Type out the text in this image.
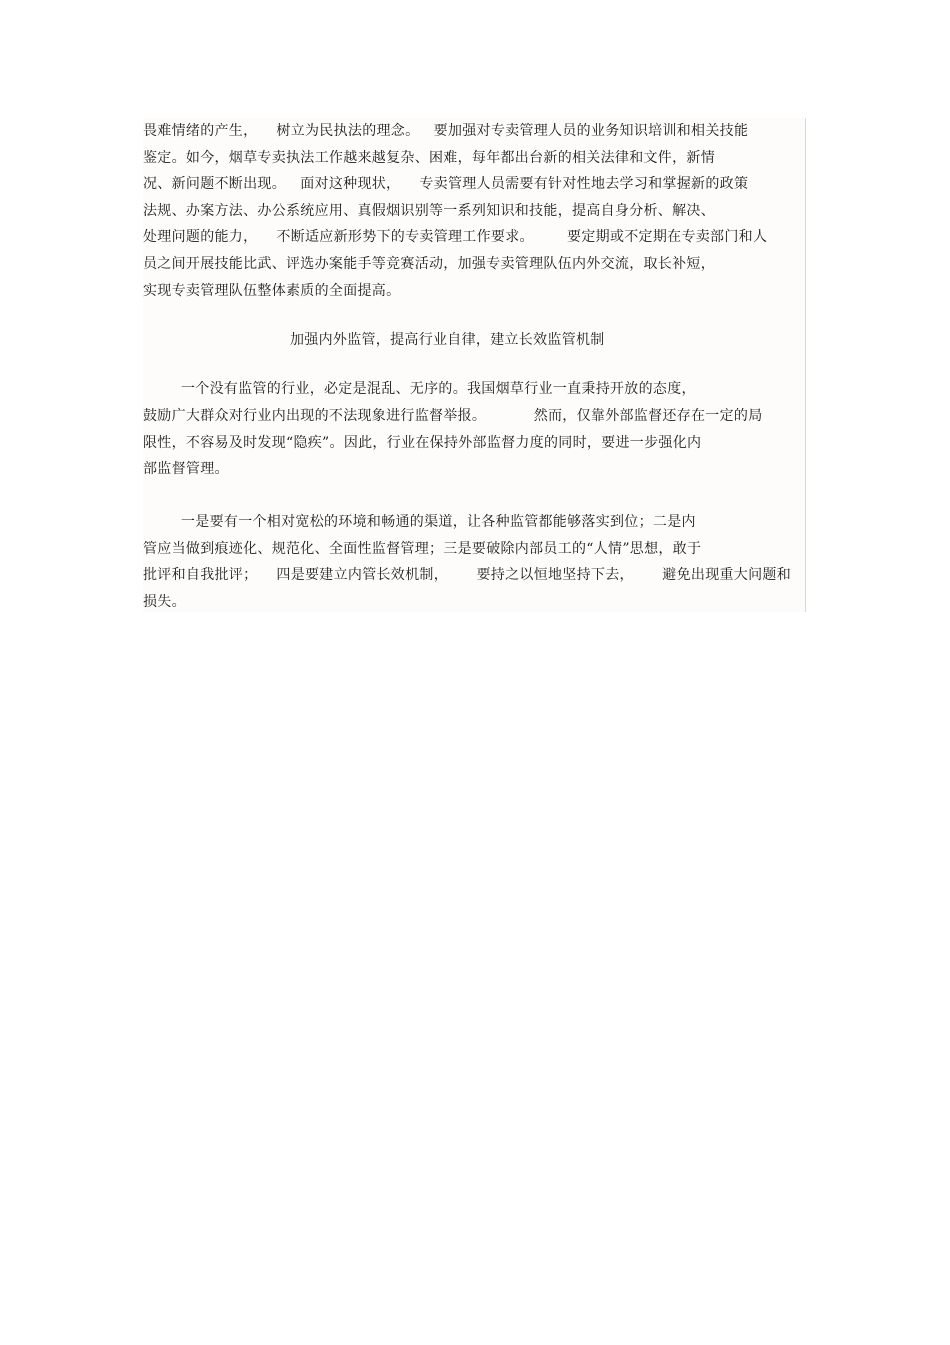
畏难情绪的产生，    树立为民执法的理念。   要加强对专卖管理人员的业务知识培训和相关技能
鉴定。如今，烟草专卖执法工作越来越复杂、困难，每年都出台新的相关法律和文件，新情
况、新问题不断出现。   面对这种现状，    专卖管理人员需要有针对性地去学习和掌握新的政策
法规、办案方法、办公系统应用、真假烟识别等一系列知识和技能，提高自身分析、解决、
处理问题的能力，    不断适应新形势下的专卖管理工作要求。       要定期或不定期在专卖部门和人
员之间开展技能比武、评选办案能手等竞赛活动，加强专卖管理队伍内外交流，取长补短，
实现专卖管理队伍整体素质的全面提高。
加强内外监管，提高行业自律，建立长效监管机制
一个没有监管的行业，必定是混乱、无序的。我国烟草行业一直秉持开放的态度，
鼓励广大群众对行业内出现的不法现象进行监督举报。          然而，仅靠外部监督还存在一定的局
限性，不容易及时发现“隐疾”。因此，行业在保持外部监督力度的同时，要进一步强化内
部监督管理。
一是要有一个相对宽松的环境和畅通的渠道，让各种监管都能够落实到位；二是内
管应当做到痕迹化、规范化、全面性监督管理；三是要破除内部员工的“人情”思想，敢于
批评和自我批评；    四是要建立内管长效机制，      要持之以恒地坚持下去，      避免出现重大问题和
损失。
